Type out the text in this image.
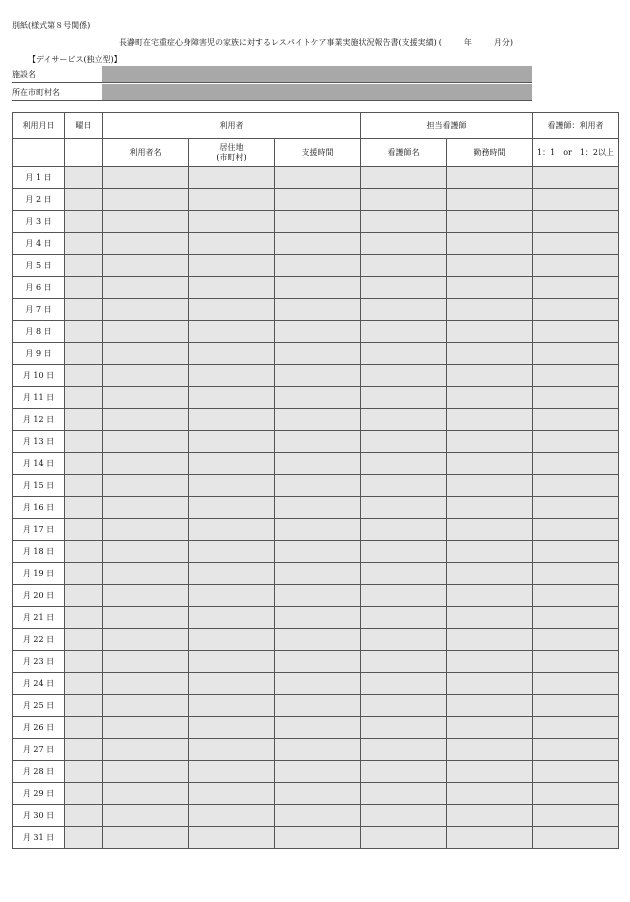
別紙(様式第８号関係)
長瀞町在宅重症心身障害児の家族に対するレスパイトケア事業実施状況報告書(支援実績) (	年	月分)
【デイサービス(独立型)】
施設名	
所在市町村名	
利用月日	曜日	利用者			担当看護師		看護師：利用者
		利用者名	居住地
(市町村)	支援時間	看護師名	勤務時間	1：1　or　1：2以上
月 1 日							
月 2 日							
月 3 日							
月 4 日							
月 5 日							
月 6 日							
月 7 日							
月 8 日							
月 9 日							
月 10 日							
月 11 日							
月 12 日							
月 13 日							
月 14 日							
月 15 日							
月 16 日							
月 17 日							
月 18 日							
月 19 日							
月 20 日							
月 21 日							
月 22 日							
月 23 日							
月 24 日							
月 25 日							
月 26 日							
月 27 日							
月 28 日							
月 29 日							
月 30 日							
月 31 日							
